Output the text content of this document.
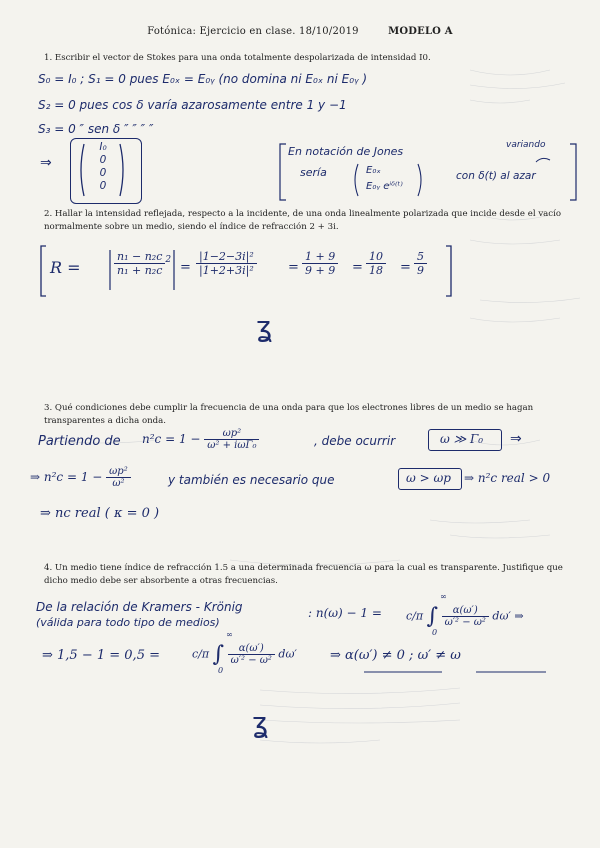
Fotónica: Ejercicio en clase. 18/10/2019	MODELO A
1. Escribir el vector de Stokes para una onda totalmente despolarizada de intensidad I0.
S₀ = I₀ ; S₁ = 0 pues E₀ₓ = E₀ᵧ (no domina ni E₀ₓ ni E₀ᵧ )
S₂ = 0 pues cos δ varía azarosamente entre 1 y −1
S₃ = 0 ″ sen δ ″ ″ ″ ″
⇒
I₀
0
0
0
En notación de Jones
sería	E₀ₓ
E₀ᵧ eⁱᵟ⁽ᵗ⁾
variando
con δ(t) al azar
2. Hallar la intensidad reflejada, respecto a la incidente, de una onda linealmente polarizada que incide desde el vacío normalmente sobre un medio, siendo el índice de refracción 2 + 3i.
R =	$\frac{\text{n₁ − n₂c}}{\text{n₁ + n₂c}} ^2$
= $\frac{\text{|1−2−3i|²}}{\text{|1+2+3i|²}} = \frac{1 + 9}{9 + 9} = \frac{10}{18} = \frac{5}{9}$
ʓ
3. Qué condiciones debe cumplir la frecuencia de una onda para que los electrones libres de un medio se hagan transparentes a dicha onda.
Partiendo de $n^2c = 1 - \frac{\text{ωp²}}{\text{ω² + iωΓ₀}}$	, debe ocurrir	ω ≫ Γ₀ ⇒
⇒ $n^2c = 1 - \frac{\text{ωp²}}{\text{ω²}}$	y también es necesario que	ω > ωp ⇒ n²c real > 0
⇒ nc real ( κ = 0 )
4. Un medio tiene índice de refracción 1.5 a una determinada frecuencia ω para la cual es transparente. Justifique que dicho medio debe ser absorbente a otras frecuencias.
De la relación de Kramers - Krönig
(válida para todo tipo de medios)
: n(ω) − 1 = c/π ∫ $\frac{\alpha(\omega')}{\text{ω′² − ω²}} d\omega'$ ⇒
∞
0
⇒ 1,5 − 1 = 0,5 =	c/π ∫ $\frac{\alpha(\omega')}{\text{ω′² − ω²}} d\omega'$
∞
0
⇒ α(ω′) ≠ 0 ; ω′ ≠ ω
ʓ
